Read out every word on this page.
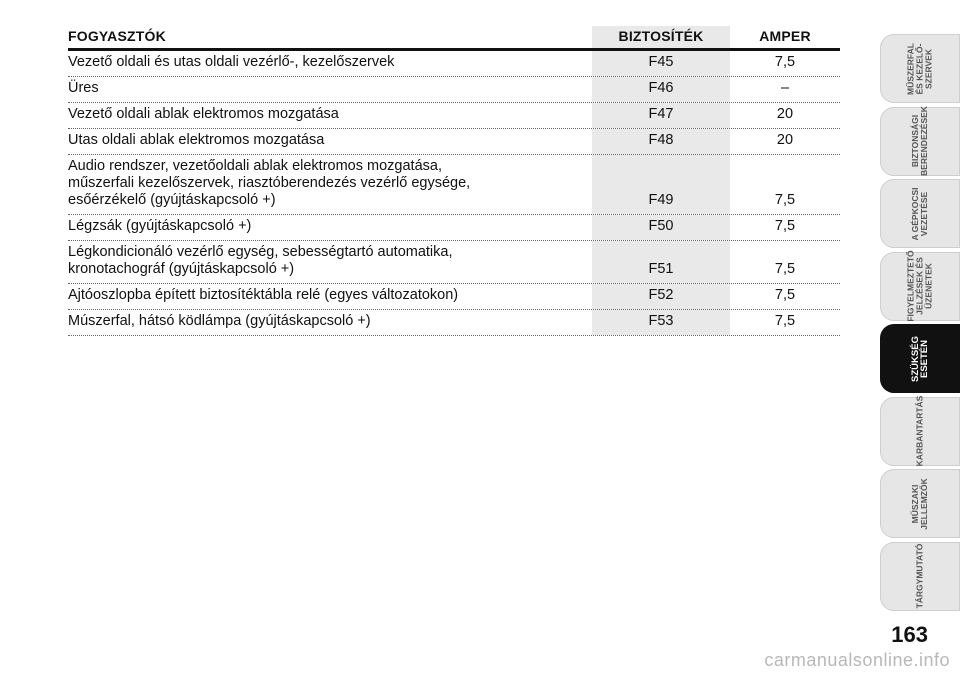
FOGYASZTÓK	BIZTOSÍTÉK	AMPER
Vezető oldali és utas oldali vezérlő-, kezelőszervek	F45	7,5
Üres	F46	–
Vezető oldali ablak elektromos mozgatása	F47	20
Utas oldali ablak elektromos mozgatása	F48	20
Audio rendszer, vezetőoldali ablak elektromos mozgatása,
műszerfali kezelőszervek, riasztóberendezés vezérlő egysége,
esőérzékelő (gyújtáskapcsoló +)	F49	7,5
Légzsák (gyújtáskapcsoló +)	F50	7,5
Légkondicionáló vezérlő egység, sebességtartó automatika,
kronotachográf (gyújtáskapcsoló +)	F51	7,5
Ajtóoszlopba épített biztosítéktábla relé (egyes változatokon)	F52	7,5
Múszerfal, hátsó ködlámpa (gyújtáskapcsoló +)	F53	7,5
MŰSZERFAL
ÉS KEZELŐ-
SZERVEK
BIZTONSÁGI
BERENDEZÉSEK
A GÉPKOCSI
VEZETÉSE
FIGYELMEZTETŐ
JELZÉSEK ÉS
ÜZENETEK
SZÜKSÉG
ESETÉN
KARBANTARTÁS
MŰSZAKI
JELLEMZŐK
TÁRGYMUTATÓ
163
carmanualsonline.info
